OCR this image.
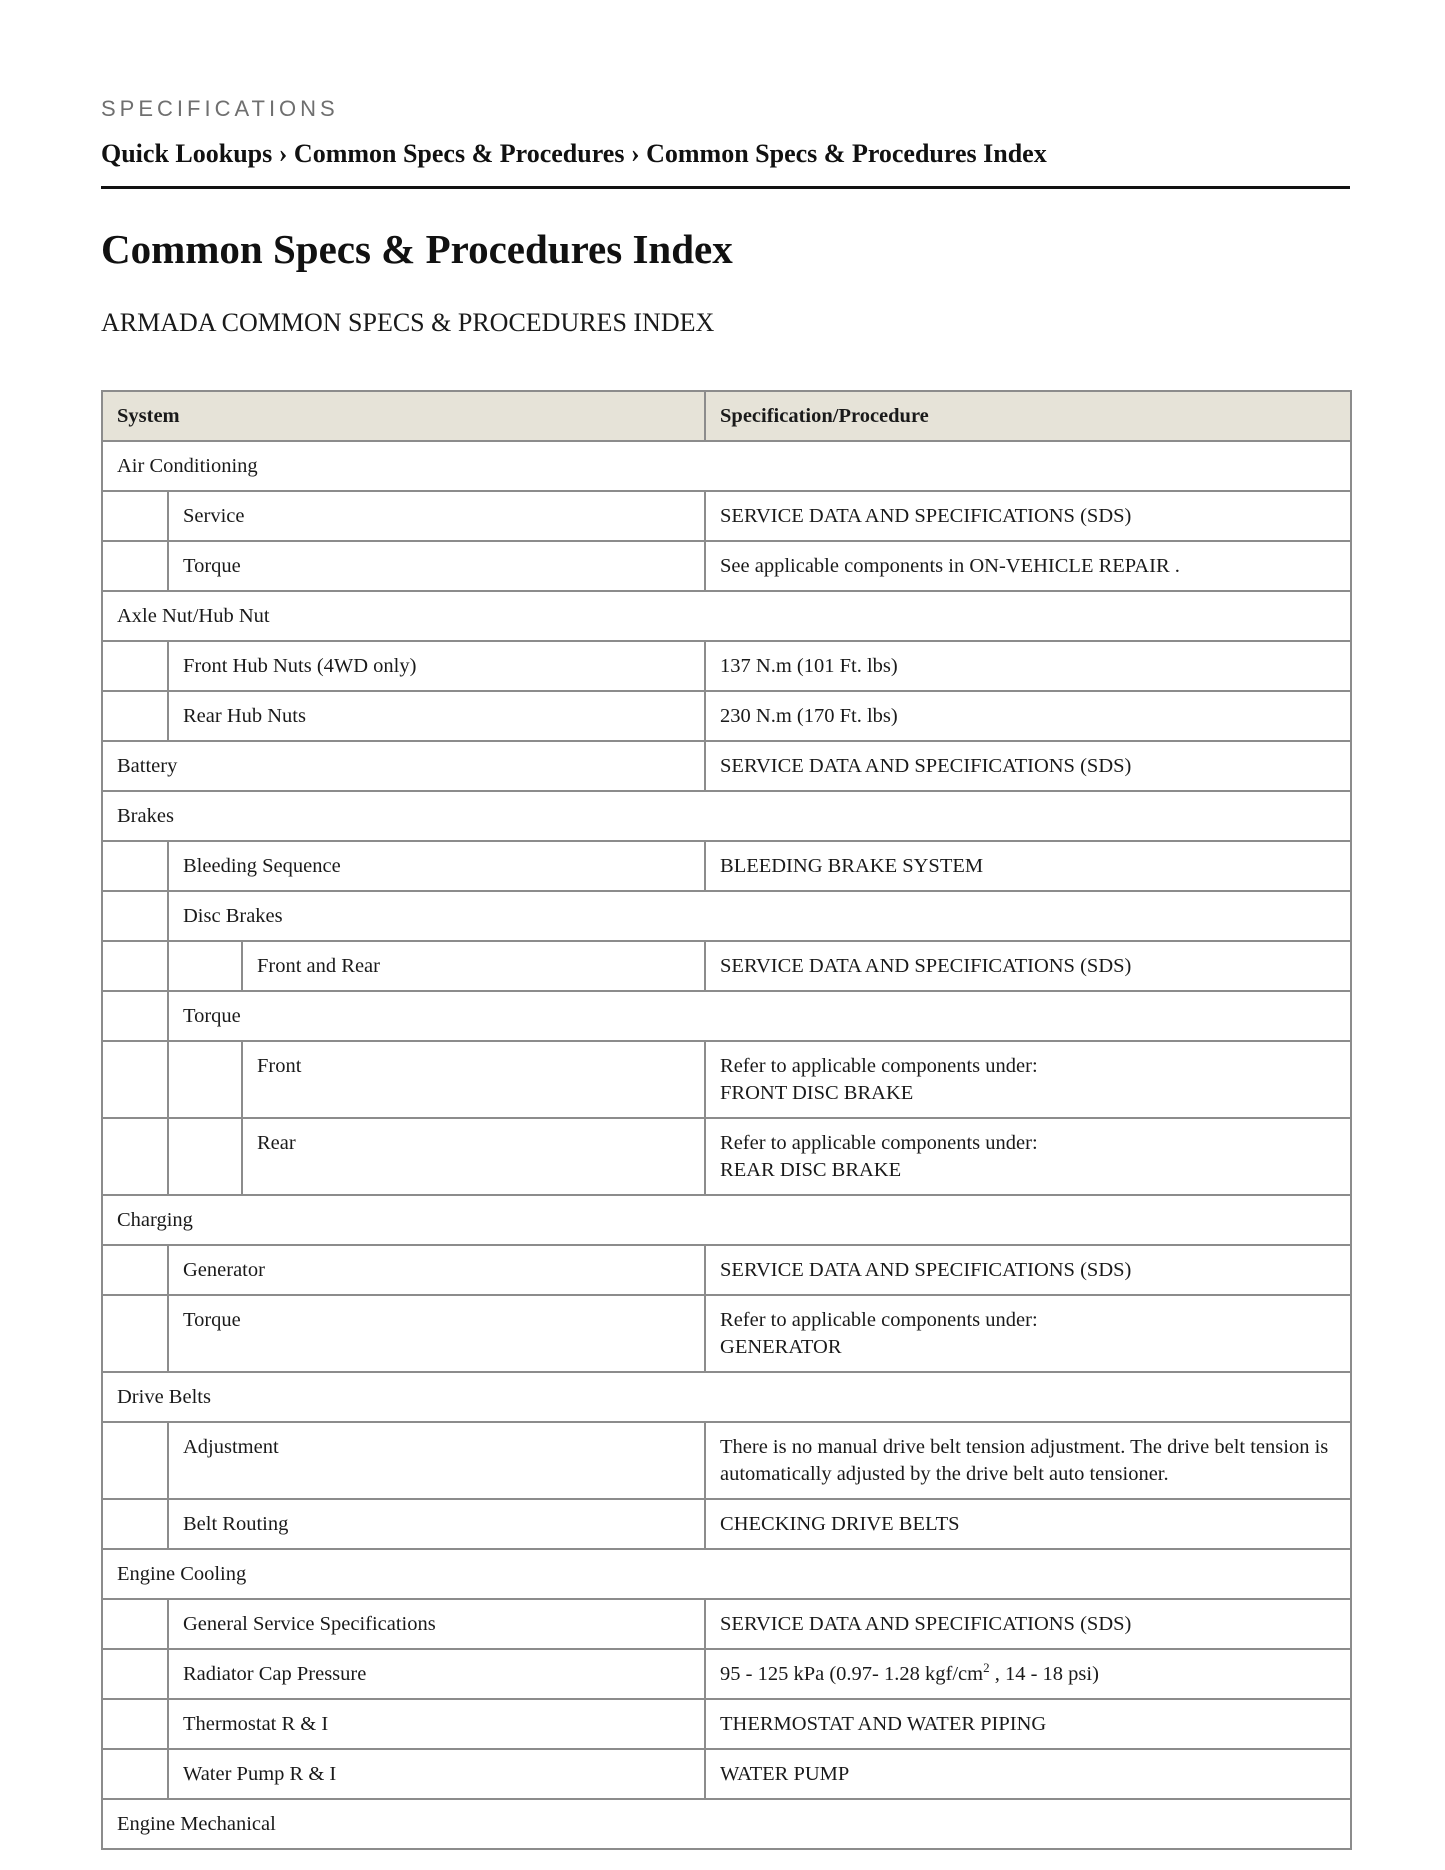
SPECIFICATIONS
Quick Lookups › Common Specs & Procedures › Common Specs & Procedures Index
Common Specs & Procedures Index
ARMADA COMMON SPECS & PROCEDURES INDEX
System			Specification/Procedure
Air Conditioning			
	Service		SERVICE DATA AND SPECIFICATIONS (SDS)

	Torque		See applicable components in ON-VEHICLE REPAIR .

Axle Nut/Hub Nut			
	Front Hub Nuts (4WD only)		137 N.m (101 Ft. lbs)

	Rear Hub Nuts		230 N.m (170 Ft. lbs)

Battery			SERVICE DATA AND SPECIFICATIONS (SDS)

Brakes			
	Bleeding Sequence		BLEEDING BRAKE SYSTEM

	Disc Brakes		
		Front and Rear	SERVICE DATA AND SPECIFICATIONS (SDS)

	Torque		
		Front	Refer to applicable components under:
FRONT DISC BRAKE

		Rear	Refer to applicable components under:
REAR DISC BRAKE

Charging			
	Generator		SERVICE DATA AND SPECIFICATIONS (SDS)

	Torque		Refer to applicable components under:
GENERATOR

Drive Belts			
	Adjustment		There is no manual drive belt tension adjustment. The drive belt tension is automatically adjusted by the drive belt auto tensioner.

	Belt Routing		CHECKING DRIVE BELTS

Engine Cooling			
	General Service Specifications		SERVICE DATA AND SPECIFICATIONS (SDS)

	Radiator Cap Pressure		95 - 125 kPa (0.97- 1.28 kgf/$cm^2$ , 14 - 18 psi)
	Thermostat R & I		THERMOSTAT AND WATER PIPING

	Water Pump R & I		WATER PUMP

Engine Mechanical			
